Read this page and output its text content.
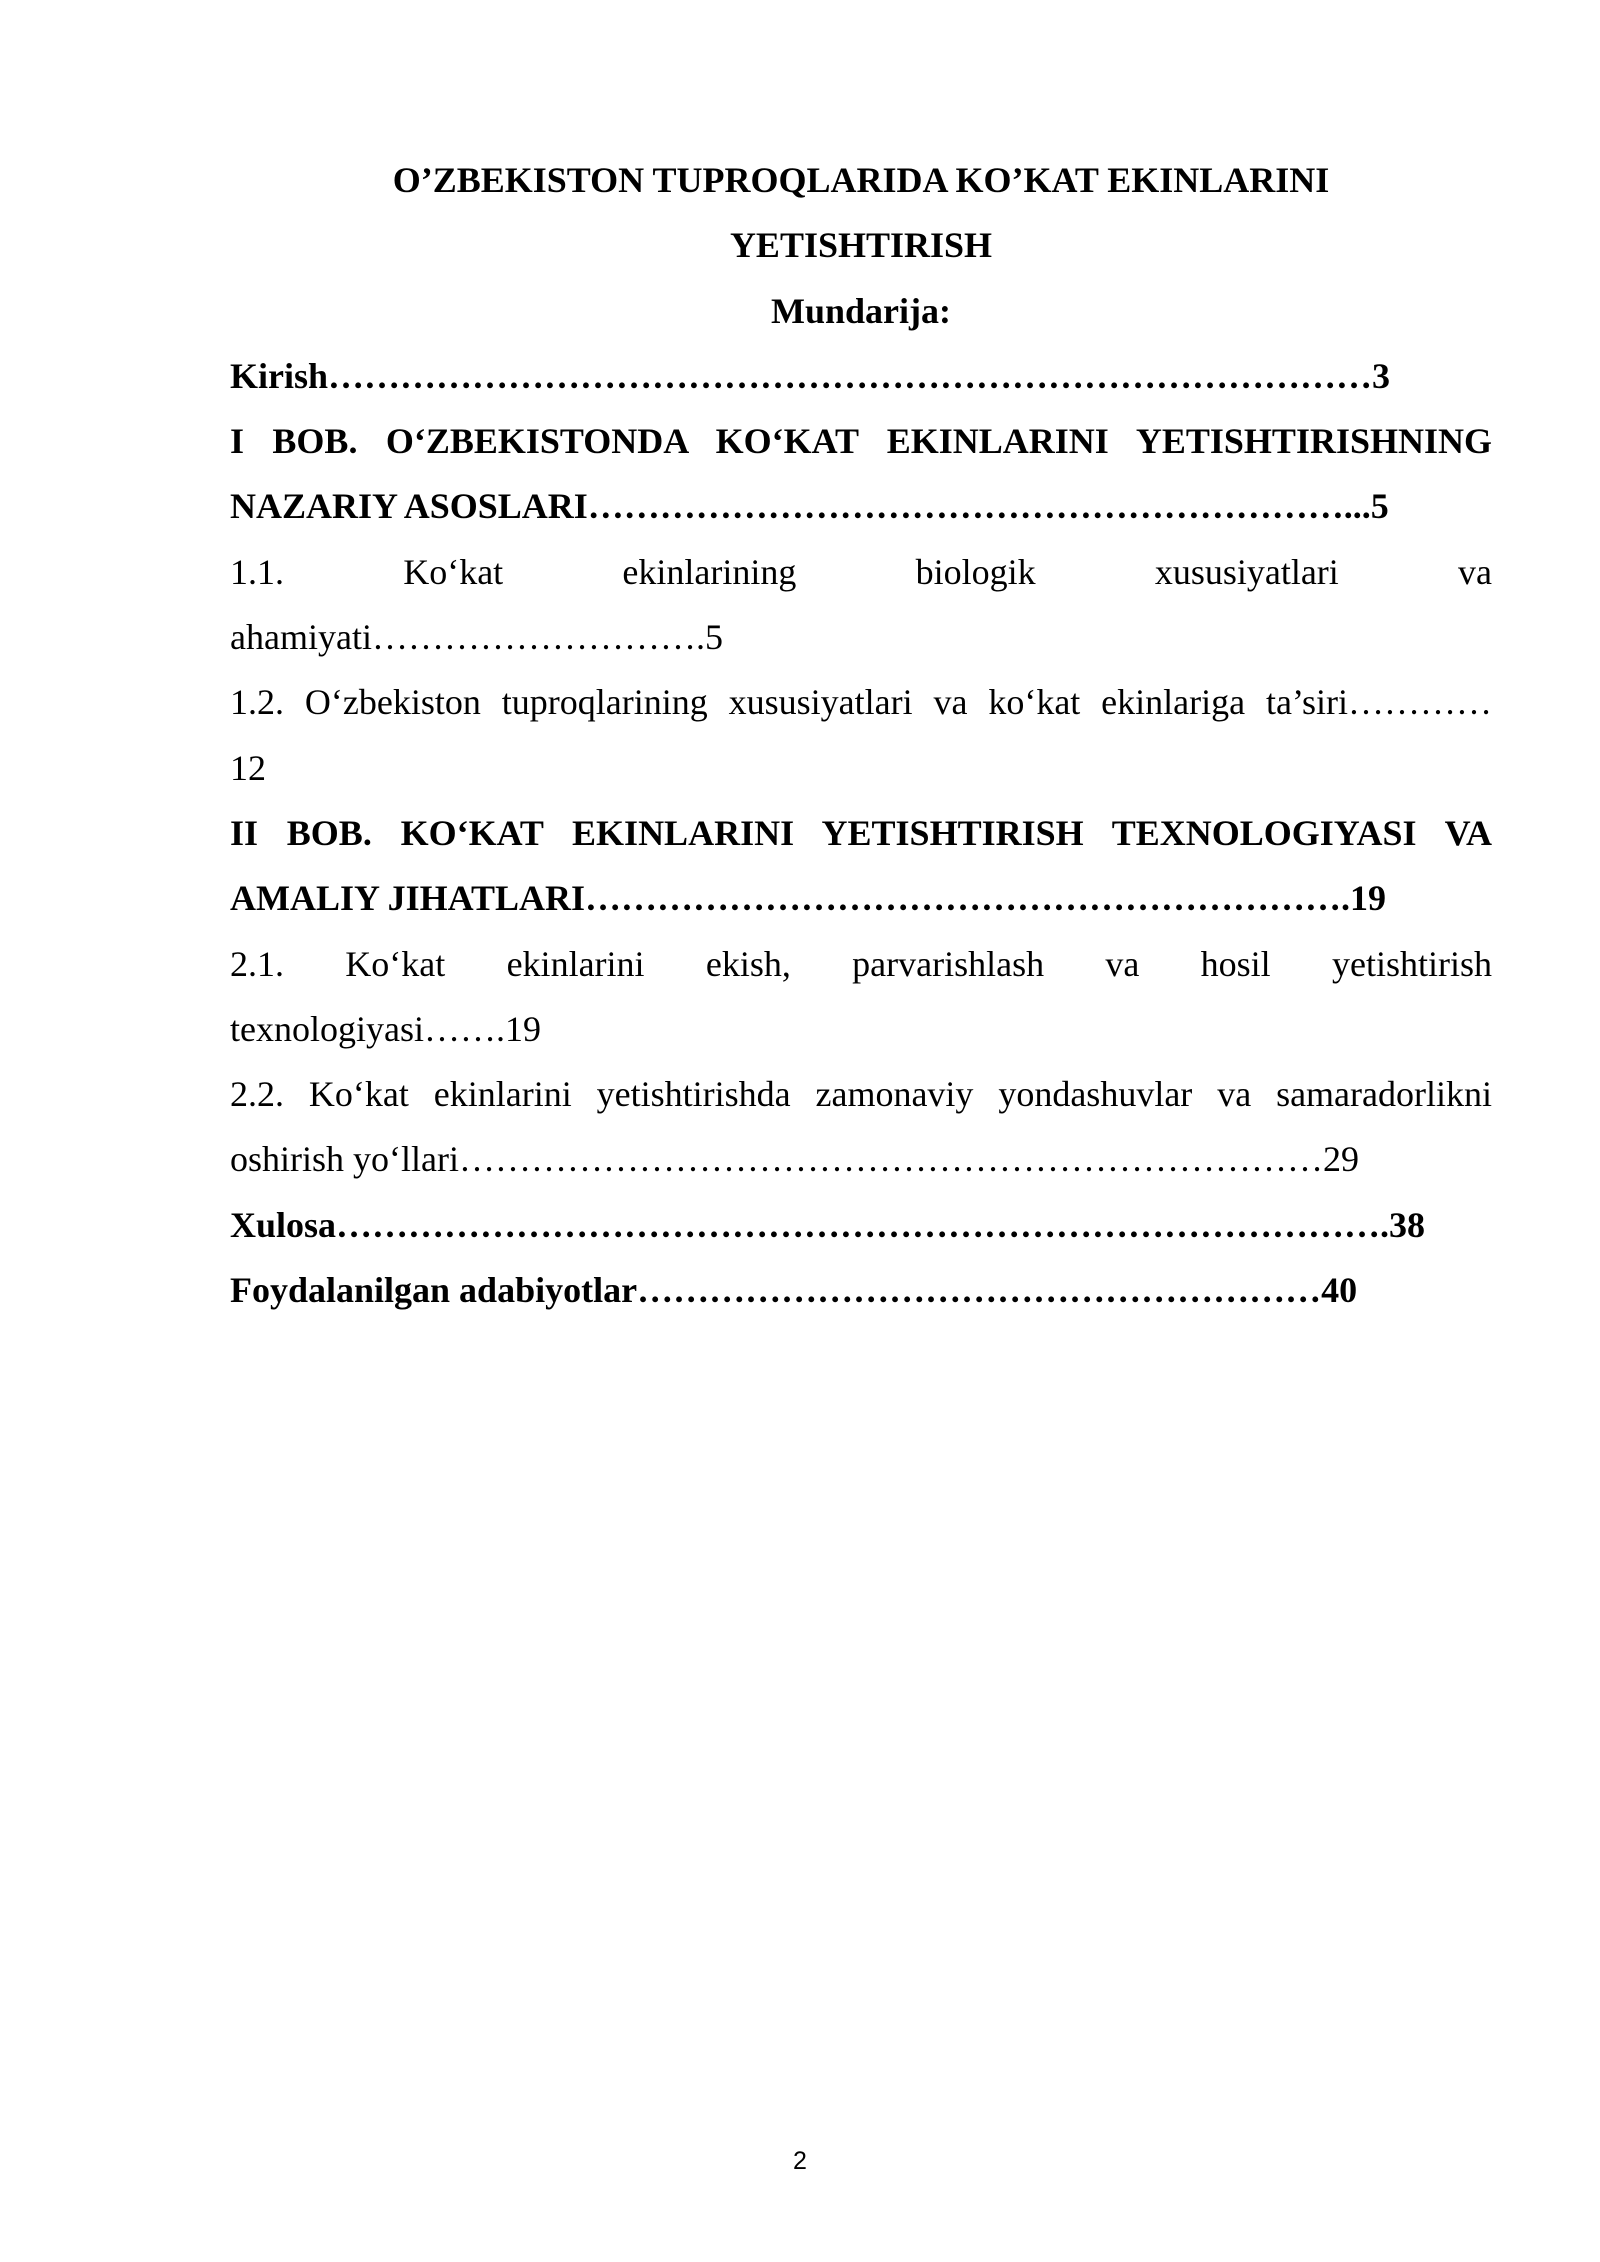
O’ZBEKISTON TUPROQLARIDA KO’KAT EKINLARINI
YETISHTIRISH
Mundarija:
Kirish……………………………………………………………………………3
I BOB. O‘ZBEKISTONDA KO‘KAT EKINLARINI YETISHTIRISHNING
NAZARIY ASOSLARI………………………………………………………...5
1.1. Ko‘kat ekinlarining biologik xususiyatlari va
ahamiyati……………………….5
1.2. O‘zbekiston tuproqlarining xususiyatlari va ko‘kat ekinlariga ta’siri…………
12
II BOB. KO‘KAT EKINLARINI YETISHTIRISH TEXNOLOGIYASI VA
AMALIY JIHATLARI……………………………………………………….19
2.1. Ko‘kat ekinlarini ekish, parvarishlash va hosil yetishtirish
texnologiyasi…….19
2.2. Ko‘kat ekinlarini yetishtirishda zamonaviy yondashuvlar va samaradorlikni
oshirish yo‘llari………………………………………………………………29
Xulosa…………………………………………………………………………….38
Foydalanilgan adabiyotlar…………………………………………………40
2
